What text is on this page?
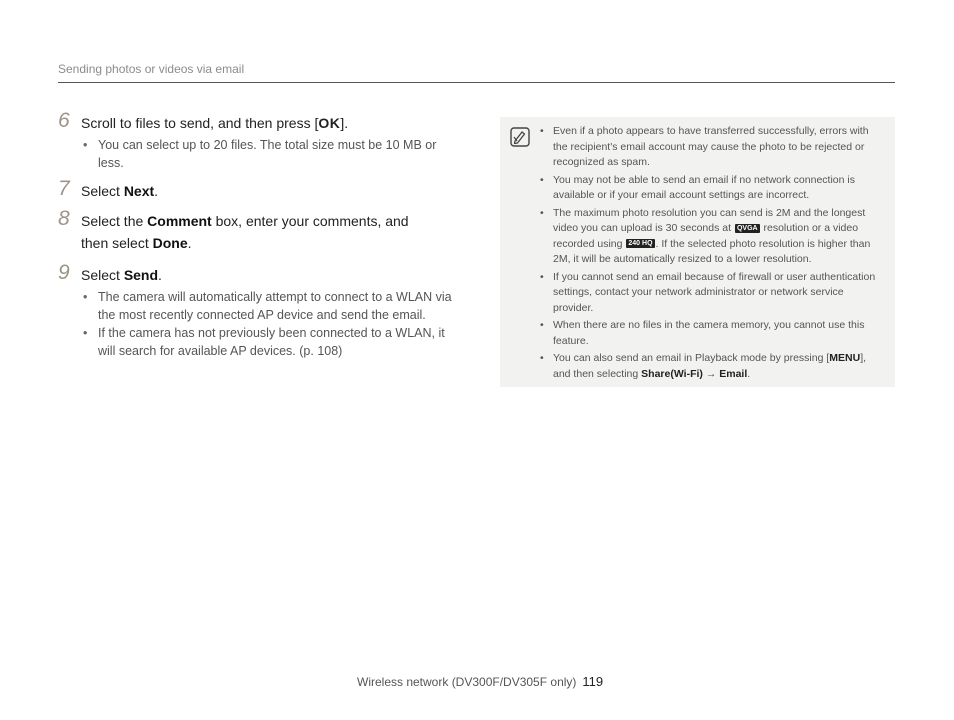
Sending photos or videos via email
6 Scroll to files to send, and then press [OK].
• You can select up to 20 files. The total size must be 10 MB or less.
7 Select Next.
8 Select the Comment box, enter your comments, and then select Done.
9 Select Send.
• The camera will automatically attempt to connect to a WLAN via the most recently connected AP device and send the email.
• If the camera has not previously been connected to a WLAN, it will search for available AP devices. (p. 108)
• Even if a photo appears to have transferred successfully, errors with the recipient's email account may cause the photo to be rejected or recognized as spam.
• You may not be able to send an email if no network connection is available or if your email account settings are incorrect.
• The maximum photo resolution you can send is 2M and the longest video you can upload is 30 seconds at QVGA resolution or a video recorded using 240 HQ . If the selected photo resolution is higher than 2M, it will be automatically resized to a lower resolution.
• If you cannot send an email because of firewall or user authentication settings, contact your network administrator or network service provider.
• When there are no files in the camera memory, you cannot use this feature.
• You can also send an email in Playback mode by pressing [MENU], and then selecting Share(Wi-Fi) → Email.
Wireless network (DV300F/DV305F only) 119
